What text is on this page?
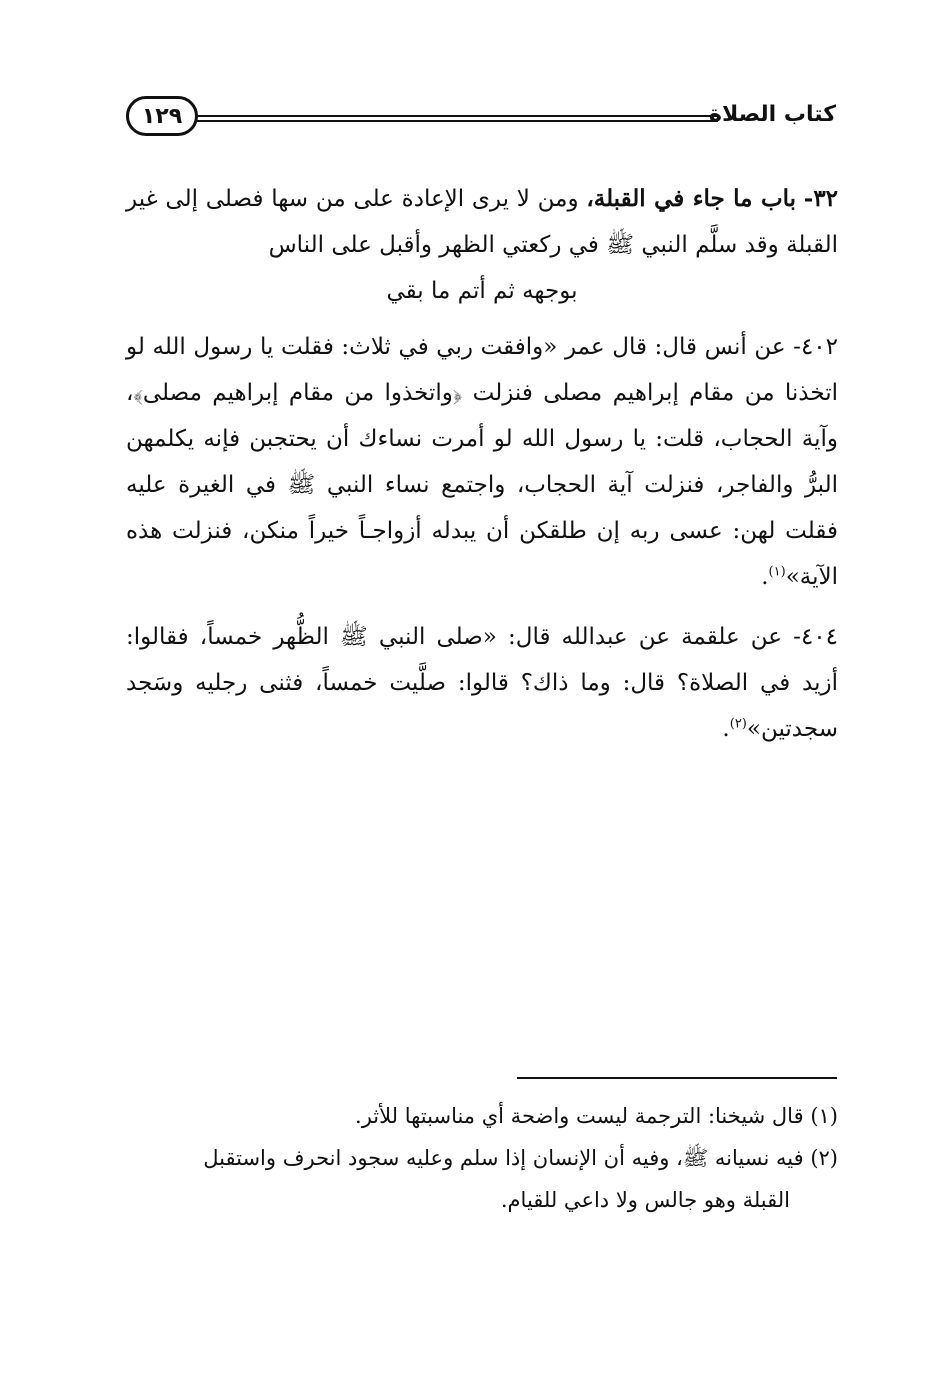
كتاب الصلاة
١٢٩

٣٢- باب ما جاء في القبلة، ومن لا يرى الإعادة على من سها فصلى إلى غير القبلة وقد سلَّم النبي ﷺ في ركعتي الظهر وأقبل على الناس
بوجهه ثم أتم ما بقي

٤٠٢- عن أنس قال: قال عمر «وافقت ربي في ثلاث: فقلت يا رسول الله لو اتخذنا من مقام إبراهيم مصلى فنزلت ﴿واتخذوا من مقام إبراهيم مصلى﴾، وآية الحجاب، قلت: يا رسول الله لو أمرت نساءك أن يحتجبن فإنه يكلمهن البرُّ والفاجر، فنزلت آية الحجاب، واجتمع نساء النبي ﷺ في الغيرة عليه فقلت لهن: عسى ربه إن طلقكن أن يبدله أزواجـاً خيراً منكن، فنزلت هذه الآية»$^{(١)}$.

٤٠٤- عن علقمة عن عبدالله قال: «صلى النبي ﷺ الظُّهر خمساً، فقالوا: أزيد في الصلاة؟ قال: وما ذاك؟ قالوا: صلَّيت خمساً، فثنى رجليه وسَجد سجدتين»$^{(٢)}$.

(١) قال شيخنا: الترجمة ليست واضحة أي مناسبتها للأثر.

(٢) فيه نسيانه ﷺ، وفيه أن الإنسان إذا سلم وعليه سجود انحرف واستقبل

القبلة وهو جالس ولا داعي للقيام.
